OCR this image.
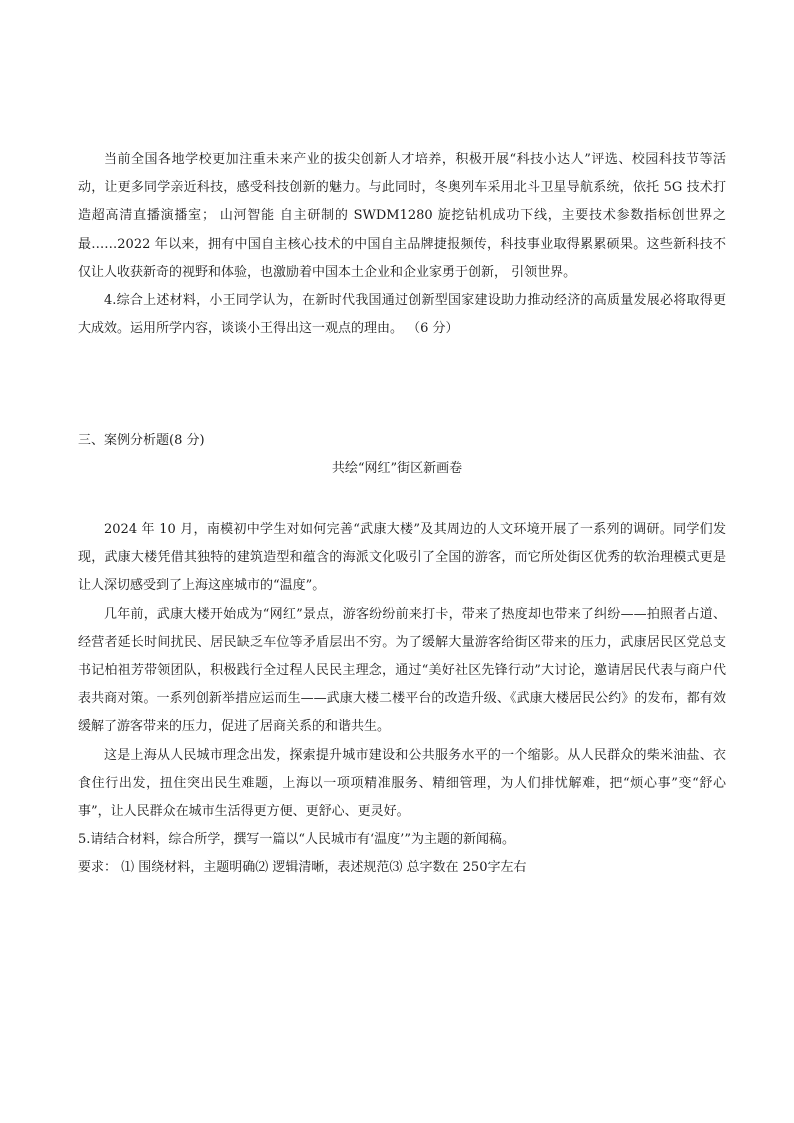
当前全国各地学校更加注重未来产业的拔尖创新人才培养，积极开展“科技小达人”评选、校园科技节等活动，让更多同学亲近科技，感受科技创新的魅力。与此同时，冬奥列车采用北斗卫星导航系统，依托 5G 技术打造超高清直播演播室； 山河智能 自主研制的 SWDM1280 旋挖钻机成功下线，主要技术参数指标创世界之最……2022 年以来，拥有中国自主核心技术的中国自主品牌捷报频传，科技事业取得累累硕果。这些新科技不仅让人收获新奇的视野和体验，也激励着中国本土企业和企业家勇于创新， 引领世界。

4.综合上述材料，小王同学认为，在新时代我国通过创新型国家建设助力推动经济的高质量发展必将取得更大成效。运用所学内容，谈谈小王得出这一观点的理由。 （6 分）

三、案例分析题(8 分)

共绘“网红”街区新画卷

2024 年 10 月，南模初中学生对如何完善“武康大楼”及其周边的人文环境开展了一系列的调研。同学们发现，武康大楼凭借其独特的建筑造型和蕴含的海派文化吸引了全国的游客，而它所处街区优秀的软治理模式更是让人深切感受到了上海这座城市的“温度”。

几年前，武康大楼开始成为“网红”景点，游客纷纷前来打卡，带来了热度却也带来了纠纷——拍照者占道、经营者延长时间扰民、居民缺乏车位等矛盾层出不穷。为了缓解大量游客给街区带来的压力，武康居民区党总支书记柏祖芳带领团队，积极践行全过程人民民主理念，通过“美好社区先锋行动”大讨论，邀请居民代表与商户代表共商对策。一系列创新举措应运而生——武康大楼二楼平台的改造升级、《武康大楼居民公约》的发布，都有效缓解了游客带来的压力，促进了居商关系的和谐共生。

这是上海从人民城市理念出发，探索提升城市建设和公共服务水平的一个缩影。从人民群众的柴米油盐、衣食住行出发，扭住突出民生难题，上海以一项项精准服务、精细管理，为人们排忧解难，把“烦心事”变“舒心事”，让人民群众在城市生活得更方便、更舒心、更灵好。

5.请结合材料，综合所学，撰写一篇以“人民城市有‘温度’”为主题的新闻稿。

要求： ⑴ 围绕材料，主题明确⑵ 逻辑清晰，表述规范⑶ 总字数在 250字左右
